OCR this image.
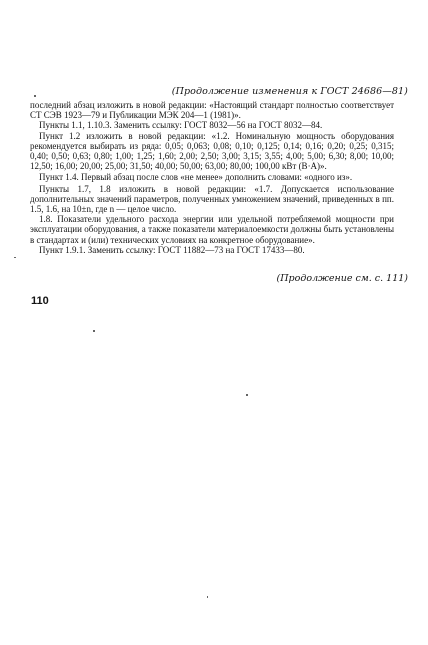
(Продолжение изменения к ГОСТ 24686—81)

последний абзац изложить в новой редакции: «Настоящий стандарт полностью соответствует СТ СЭВ 1923—79 и Публикации МЭК 204—1 (1981)».

Пункты 1.1, 1.10.3. Заменить ссылку: ГОСТ 8032—56 на ГОСТ 8032—84.

Пункт 1.2 изложить в новой редакции: «1.2. Номинальную мощность оборудования рекомендуется выбирать из ряда: 0,05; 0,063; 0,08; 0,10; 0,125; 0,14; 0,16; 0,20; 0,25; 0,315; 0,40; 0,50; 0,63; 0,80; 1,00; 1,25; 1,60; 2,00; 2,50; 3,00; 3,15; 3,55; 4,00; 5,00; 6,30; 8,00; 10,00; 12,50; 16,00; 20,00; 25,00; 31,50; 40,00; 50,00; 63,00; 80,00; 100,00 кВт (В·А)».

Пункт 1.4. Первый абзац после слов «не менее» дополнить словами: «одного из».

Пункты 1.7, 1.8 изложить в новой редакции: «1.7. Допускается использование дополнительных значений параметров, полученных умножением значений, приведенных в пп. 1.5, 1.6, на 10±n, где n — целое число.

1.8. Показатели удельного расхода энергии или удельной потребляемой мощности при эксплуатации оборудования, а также показатели материалоемкости должны быть установлены в стандартах и (или) технических условиях на конкретное оборудование».

Пункт 1.9.1. Заменить ссылку: ГОСТ 11882—73 на ГОСТ 17433—80.

(Продолжение см. с. 111)
110
